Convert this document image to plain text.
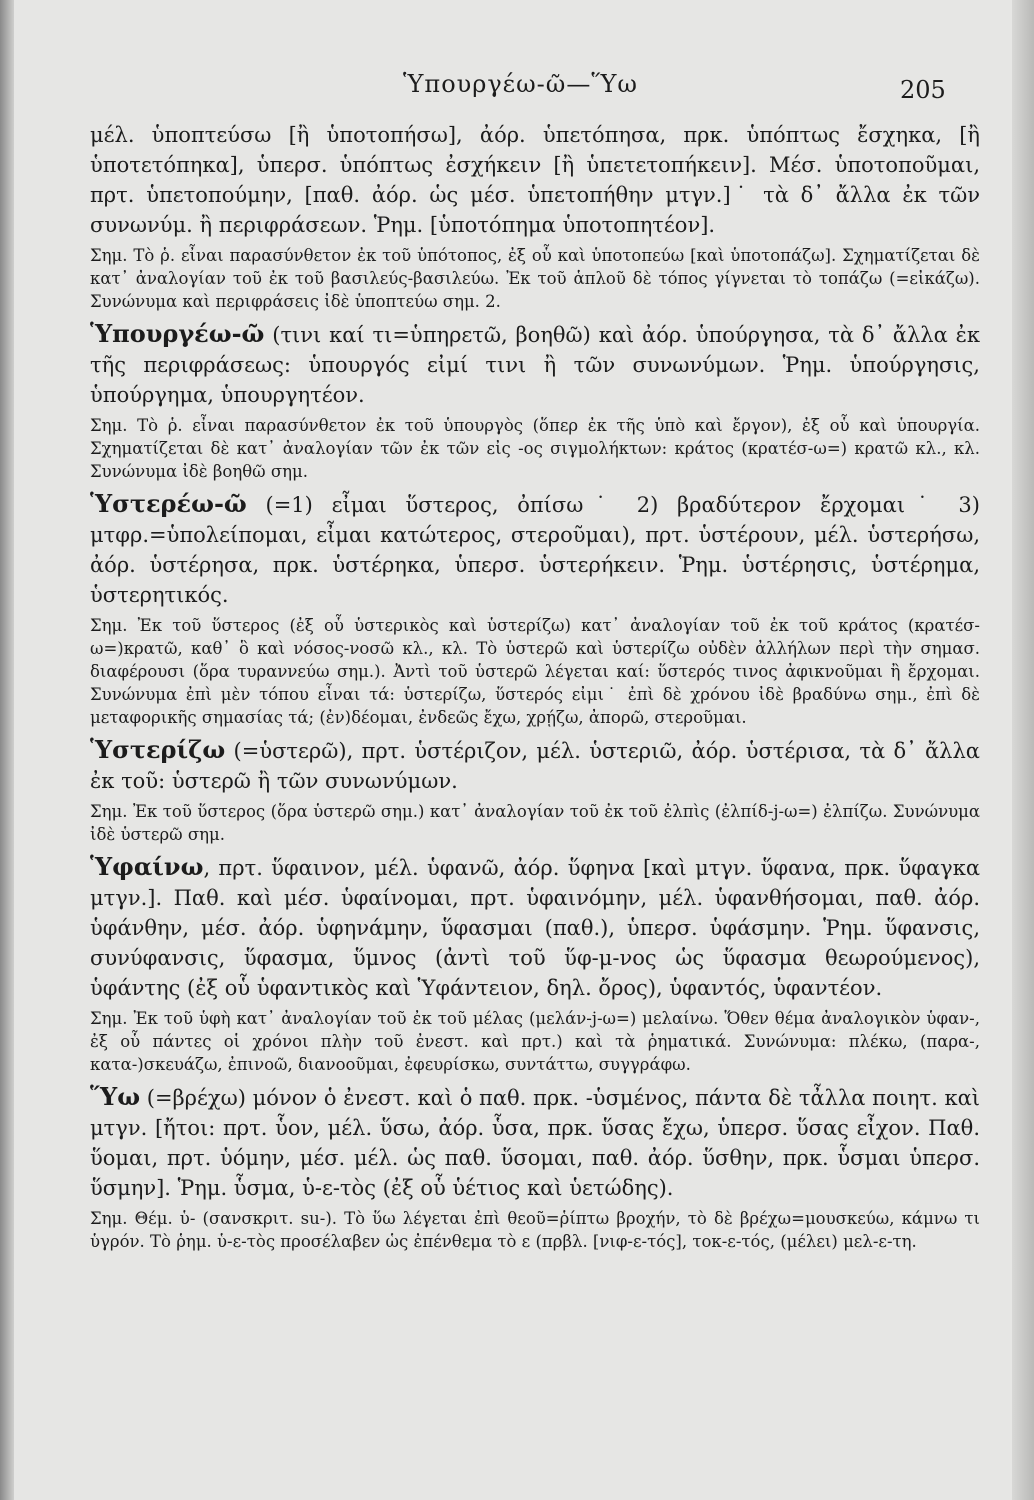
Ὑπουργέω-ῶ—Ὕω	205

μέλ. ὑποπτεύσω [ἢ ὑποτοπήσω], ἀόρ. ὑπετόπησα, πρκ. ὑπόπτως ἔσχηκα, [ἢ ὑποτετόπηκα], ὑπερσ. ὑπόπτως ἐσχήκειν [ἢ ὑπετετοπήκειν]. Μέσ. ὑποτοποῦμαι, πρτ. ὑπετοπούμην, [παθ. ἀόρ. ὡς μέσ. ὑπετοπήθην μτγν.]˙ τὰ δ᾿ ἄλλα ἐκ τῶν συνωνύμ. ἢ περιφράσεων. Ῥημ. [ὑποτόπημα ὑποτοπητέον].

Σημ. Τὸ ῥ. εἶναι παρασύνθετον ἐκ τοῦ ὑπότοπος, ἐξ οὗ καὶ ὑποτοπεύω [καὶ ὑποτοπάζω]. Σχηματίζεται δὲ κατ᾿ ἀναλογίαν τοῦ ἐκ τοῦ βασιλεύς-βασιλεύω. Ἐκ τοῦ ἁπλοῦ δὲ τόπος γίγνεται τὸ τοπάζω (=εἰκάζω). Συνώνυμα καὶ περιφράσεις ἰδὲ ὑποπτεύω σημ. 2.

Ὑπουργέω-ῶ (τινι καί τι=ὑπηρετῶ, βοηθῶ) καὶ ἀόρ. ὑπούργησα, τὰ δ᾿ ἄλλα ἐκ τῆς περιφράσεως: ὑπουργός εἰμί τινι ἢ τῶν συνωνύμων. Ῥημ. ὑπούργησις, ὑπούργημα, ὑπουργητέον.

Σημ. Τὸ ῥ. εἶναι παρασύνθετον ἐκ τοῦ ὑπουργὸς (ὅπερ ἐκ τῆς ὑπὸ καὶ ἔργον), ἐξ οὗ καὶ ὑπουργία. Σχηματίζεται δὲ κατ᾿ ἀναλογίαν τῶν ἐκ τῶν εἰς -ος σιγμολήκτων: κράτος (κρατέσ-ω=) κρατῶ κλ., κλ. Συνώνυμα ἰδὲ βοηθῶ σημ.

Ὑστερέω-ῶ (=1) εἶμαι ὕστερος, ὀπίσω˙ 2) βραδύτερον ἔρχομαι˙ 3) μτφρ.=ὑπολείπομαι, εἶμαι κατώτερος, στεροῦμαι), πρτ. ὑστέρουν, μέλ. ὑστερήσω, ἀόρ. ὑστέρησα, πρκ. ὑστέρηκα, ὑπερσ. ὑστερήκειν. Ῥημ. ὑστέρησις, ὑστέρημα, ὑστερητικός.

Σημ. Ἐκ τοῦ ὕστερος (ἐξ οὗ ὑστερικὸς καὶ ὑστερίζω) κατ᾿ ἀναλογίαν τοῦ ἐκ τοῦ κράτος (κρατέσ-ω=)κρατῶ, καθ᾿ ὃ καὶ νόσος-νοσῶ κλ., κλ. Τὸ ὑστερῶ καὶ ὑστερίζω οὐδὲν ἀλλήλων περὶ τὴν σημασ. διαφέρουσι (ὅρα τυραννεύω σημ.). Ἀντὶ τοῦ ὑστερῶ λέγεται καί: ὕστερός τινος ἀφικνοῦμαι ἢ ἔρχομαι. Συνώνυμα ἐπὶ μὲν τόπου εἶναι τά: ὑστερίζω, ὕστερός εἰμι˙ ἐπὶ δὲ χρόνου ἰδὲ βραδύνω σημ., ἐπὶ δὲ μεταφορικῆς σημασίας τά; (ἐν)δέομαι, ἐνδεῶς ἔχω, χρῄζω, ἀπορῶ, στεροῦμαι.

Ὑστερίζω (=ὑστερῶ), πρτ. ὑστέριζον, μέλ. ὑστεριῶ, ἀόρ. ὑστέρισα, τὰ δ᾿ ἄλλα ἐκ τοῦ: ὑστερῶ ἢ τῶν συνωνύμων.

Σημ. Ἐκ τοῦ ὕστερος (ὅρα ὑστερῶ σημ.) κατ᾿ ἀναλογίαν τοῦ ἐκ τοῦ ἐλπὶς (ἐλπίδ-j-ω=) ἐλπίζω. Συνώνυμα ἰδὲ ὑστερῶ σημ.

Ὑφαίνω, πρτ. ὕφαινον, μέλ. ὑφανῶ, ἀόρ. ὕφηνα [καὶ μτγν. ὕφανα, πρκ. ὕφαγκα μτγν.]. Παθ. καὶ μέσ. ὑφαίνομαι, πρτ. ὑφαινόμην, μέλ. ὑφανθήσομαι, παθ. ἀόρ. ὑφάνθην, μέσ. ἀόρ. ὑφηνάμην, ὕφασμαι (παθ.), ὑπερσ. ὑφάσμην. Ῥημ. ὕφανσις, συνύφανσις, ὕφασμα, ὕμνος (ἀντὶ τοῦ ὕφ-μ-νος ὡς ὕφασμα θεωρούμενος), ὑφάντης (ἐξ οὗ ὑφαντικὸς καὶ Ὑφάντειον, δηλ. ὄρος), ὑφαντός, ὑφαντέον.

Σημ. Ἐκ τοῦ ὑφὴ κατ᾿ ἀναλογίαν τοῦ ἐκ τοῦ μέλας (μελάν-j-ω=) μελαίνω. Ὅθεν θέμα ἀναλογικὸν ὑφαν-, ἐξ οὗ πάντες οἱ χρόνοι πλὴν τοῦ ἐνεστ. καὶ πρτ.) καὶ τὰ ῥηματικά. Συνώνυμα: πλέκω, (παρα-, κατα-)σκευάζω, ἐπινοῶ, διανοοῦμαι, ἐφευρίσκω, συντάττω, συγγράφω.

Ὕω (=βρέχω) μόνον ὁ ἐνεστ. καὶ ὁ παθ. πρκ. -ὑσμένος, πάντα δὲ τἆλλα ποιητ. καὶ μτγν. [ἤτοι: πρτ. ὗον, μέλ. ὕσω, ἀόρ. ὗσα, πρκ. ὕσας ἔχω, ὑπερσ. ὕσας εἶχον. Παθ. ὕομαι, πρτ. ὑόμην, μέσ. μέλ. ὡς παθ. ὕσομαι, παθ. ἀόρ. ὕσθην, πρκ. ὗσμαι ὑπερσ. ὕσμην]. Ῥημ. ὗσμα, ὑ-ε-τὸς (ἐξ οὗ ὑέτιος καὶ ὑετώδης).

Σημ. Θέμ. ὑ- (σανσκριτ. su-). Τὸ ὕω λέγεται ἐπὶ θεοῦ=ῥίπτω βροχήν, τὸ δὲ βρέχω=μουσκεύω, κάμνω τι ὑγρόν. Τὸ ῥημ. ὑ-ε-τὸς προσέλαβεν ὡς ἐπένθεμα τὸ ε (πρβλ. [νιφ-ε-τός], τοκ-ε-τός, (μέλει) μελ-ε-τη.
